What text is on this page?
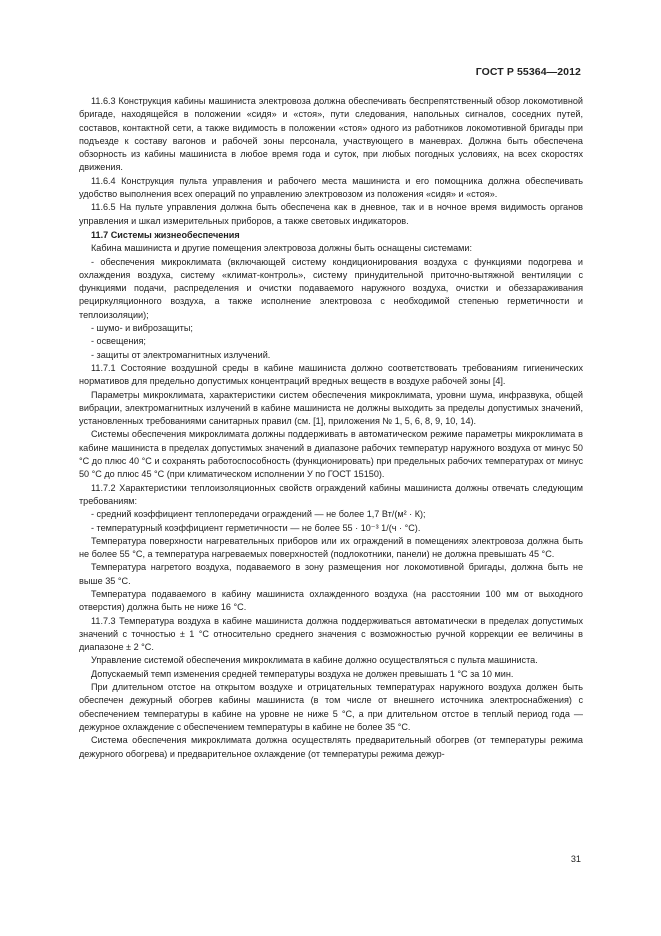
ГОСТ Р 55364—2012

11.6.3 Конструкция кабины машиниста электровоза должна обеспечивать беспрепятственный обзор локомотивной бригаде, находящейся в положении «сидя» и «стоя», пути следования, напольных сигналов, соседних путей, составов, контактной сети, а также видимость в положении «стоя» одного из работников локомотивной бригады при подъезде к составу вагонов и рабочей зоны персонала, участвующего в маневрах. Должна быть обеспечена обзорность из кабины машиниста в любое время года и суток, при любых погодных условиях, на всех скоростях движения.

11.6.4 Конструкция пульта управления и рабочего места машиниста и его помощника должна обеспечивать удобство выполнения всех операций по управлению электровозом из положения «сидя» и «стоя».

11.6.5 На пульте управления должна быть обеспечена как в дневное, так и в ночное время видимость органов управления и шкал измерительных приборов, а также световых индикаторов.

11.7 Системы жизнеобеспечения

Кабина машиниста и другие помещения электровоза должны быть оснащены системами:

- обеспечения микроклимата (включающей систему кондиционирования воздуха с функциями подогрева и охлаждения воздуха, систему «климат-контроль», систему принудительной приточно-вытяжной вентиляции с функциями подачи, распределения и очистки подаваемого наружного воздуха, очистки и обеззараживания рециркуляционного воздуха, а также исполнение электровоза с необходимой степенью герметичности и теплоизоляции);

- шумо- и виброзащиты;

- освещения;

- защиты от электромагнитных излучений.

11.7.1 Состояние воздушной среды в кабине машиниста должно соответствовать требованиям гигиенических нормативов для предельно допустимых концентраций вредных веществ в воздухе рабочей зоны [4].

Параметры микроклимата, характеристики систем обеспечения микроклимата, уровни шума, инфразвука, общей вибрации, электромагнитных излучений в кабине машиниста не должны выходить за пределы допустимых значений, установленных требованиями санитарных правил (см. [1], приложения № 1, 5, 6, 8, 9, 10, 14).

Системы обеспечения микроклимата должны поддерживать в автоматическом режиме параметры микроклимата в кабине машиниста в пределах допустимых значений в диапазоне рабочих температур наружного воздуха от минус 50 °С до плюс 40 °С и сохранять работоспособность (функционировать) при предельных рабочих температурах от минус 50 °С до плюс 45 °С (при климатическом исполнении У по ГОСТ 15150).

11.7.2 Характеристики теплоизоляционных свойств ограждений кабины машиниста должны отвечать следующим требованиям:

- средний коэффициент теплопередачи ограждений — не более 1,7 Вт/(м² · К);

- температурный коэффициент герметичности — не более 55 · 10⁻³ 1/(ч · °С).

Температура поверхности нагревательных приборов или их ограждений в помещениях электровоза должна быть не более 55 °С, а температура нагреваемых поверхностей (подлокотники, панели) не должна превышать 45 °С.

Температура нагретого воздуха, подаваемого в зону размещения ног локомотивной бригады, должна быть не выше 35 °С.

Температура подаваемого в кабину машиниста охлажденного воздуха (на расстоянии 100 мм от выходного отверстия) должна быть не ниже 16 °С.

11.7.3 Температура воздуха в кабине машиниста должна поддерживаться автоматически в пределах допустимых значений с точностью ± 1 °С относительно среднего значения с возможностью ручной коррекции ее величины в диапазоне ± 2 °С.

Управление системой обеспечения микроклимата в кабине должно осуществляться с пульта машиниста.

Допускаемый темп изменения средней температуры воздуха не должен превышать 1 °С за 10 мин.

При длительном отстое на открытом воздухе и отрицательных температурах наружного воздуха должен быть обеспечен дежурный обогрев кабины машиниста (в том числе от внешнего источника электроснабжения) с обеспечением температуры в кабине на уровне не ниже 5 °С, а при длительном отстое в теплый период года — дежурное охлаждение с обеспечением температуры в кабине не более 35 °С.

Система обеспечения микроклимата должна осуществлять предварительный обогрев (от температуры режима дежурного обогрева) и предварительное охлаждение (от температуры режима дежур-

31
